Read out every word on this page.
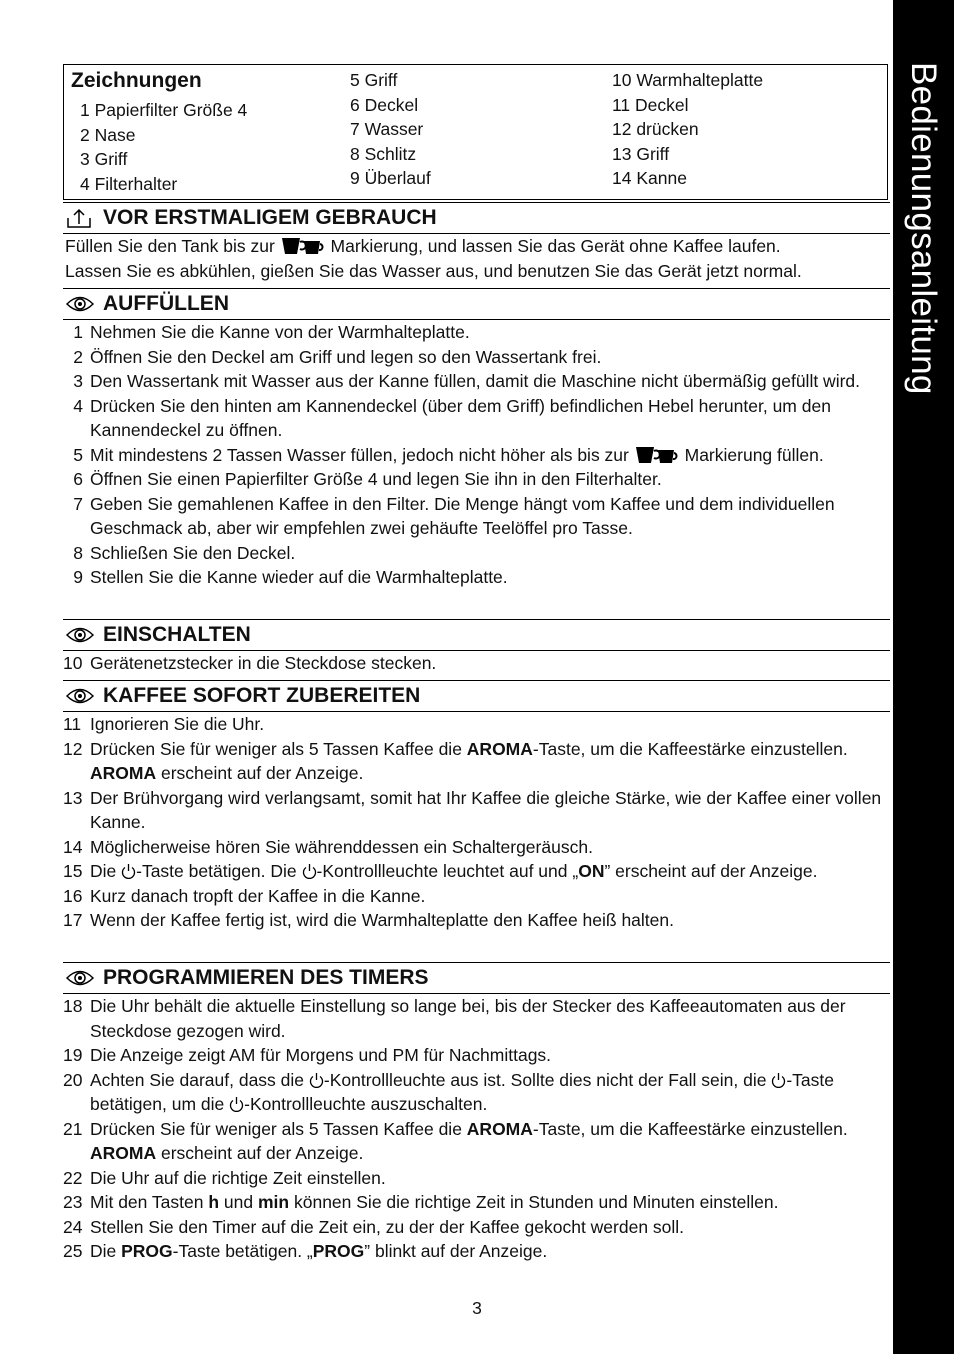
Bedienungsanleitung
Zeichnungen
1 Papierfilter Größe 4
2 Nase
3 Griff
4 Filterhalter
5 Griff
6 Deckel
7 Wasser
8 Schlitz
9 Überlauf
10 Warmhalteplatte
11 Deckel
12 drücken
13 Griff
14 Kanne
VOR ERSTMALIGEM GEBRAUCH
Füllen Sie den Tank bis zur	Markierung, und lassen Sie das Gerät ohne Kaffee laufen.
Lassen Sie es abkühlen, gießen Sie das Wasser aus, und benutzen Sie das Gerät jetzt normal.
AUFFÜLLEN
1 Nehmen Sie die Kanne von der Warmhalteplatte.
2 Öffnen Sie den Deckel am Griff und legen so den Wassertank frei.
3 Den Wassertank mit Wasser aus der Kanne füllen, damit die Maschine nicht übermäßig gefüllt wird.
4 Drücken Sie den hinten am Kannendeckel (über dem Griff) befindlichen Hebel herunter, um den Kannendeckel zu öffnen.
5 Mit mindestens 2 Tassen Wasser füllen, jedoch nicht höher als bis zur	Markierung füllen.
6 Öffnen Sie einen Papierfilter Größe 4 und legen Sie ihn in den Filterhalter.
7 Geben Sie gemahlenen Kaffee in den Filter. Die Menge hängt vom Kaffee und dem individuellen Geschmack ab, aber wir empfehlen zwei gehäufte Teelöffel pro Tasse.
8 Schließen Sie den Deckel.
9 Stellen Sie die Kanne wieder auf die Warmhalteplatte.
EINSCHALTEN
10 Gerätenetzstecker in die Steckdose stecken.
KAFFEE SOFORT ZUBEREITEN
11 Ignorieren Sie die Uhr.
12 Drücken Sie für weniger als 5 Tassen Kaffee die AROMA-Taste, um die Kaffeestärke einzustellen. AROMA erscheint auf der Anzeige.
13 Der Brühvorgang wird verlangsamt, somit hat Ihr Kaffee die gleiche Stärke, wie der Kaffee einer vollen Kanne.
14 Möglicherweise hören Sie währenddessen ein Schaltergeräusch.
15 Die -Taste betätigen. Die -Kontrollleuchte leuchtet auf und „ON” erscheint auf der Anzeige.
16 Kurz danach tropft der Kaffee in die Kanne.
17 Wenn der Kaffee fertig ist, wird die Warmhalteplatte den Kaffee heiß halten.
PROGRAMMIEREN DES TIMERS
18 Die Uhr behält die aktuelle Einstellung so lange bei, bis der Stecker des Kaffeeautomaten aus der Steckdose gezogen wird.
19 Die Anzeige zeigt AM für Morgens und PM für Nachmittags.
20 Achten Sie darauf, dass die -Kontrollleuchte aus ist. Sollte dies nicht der Fall sein, die -Taste betätigen, um die -Kontrollleuchte auszuschalten.
21 Drücken Sie für weniger als 5 Tassen Kaffee die AROMA-Taste, um die Kaffeestärke einzustellen. AROMA erscheint auf der Anzeige.
22 Die Uhr auf die richtige Zeit einstellen.
23 Mit den Tasten h und min können Sie die richtige Zeit in Stunden und Minuten einstellen.
24 Stellen Sie den Timer auf die Zeit ein, zu der der Kaffee gekocht werden soll.
25 Die PROG-Taste betätigen. „PROG” blinkt auf der Anzeige.
3
